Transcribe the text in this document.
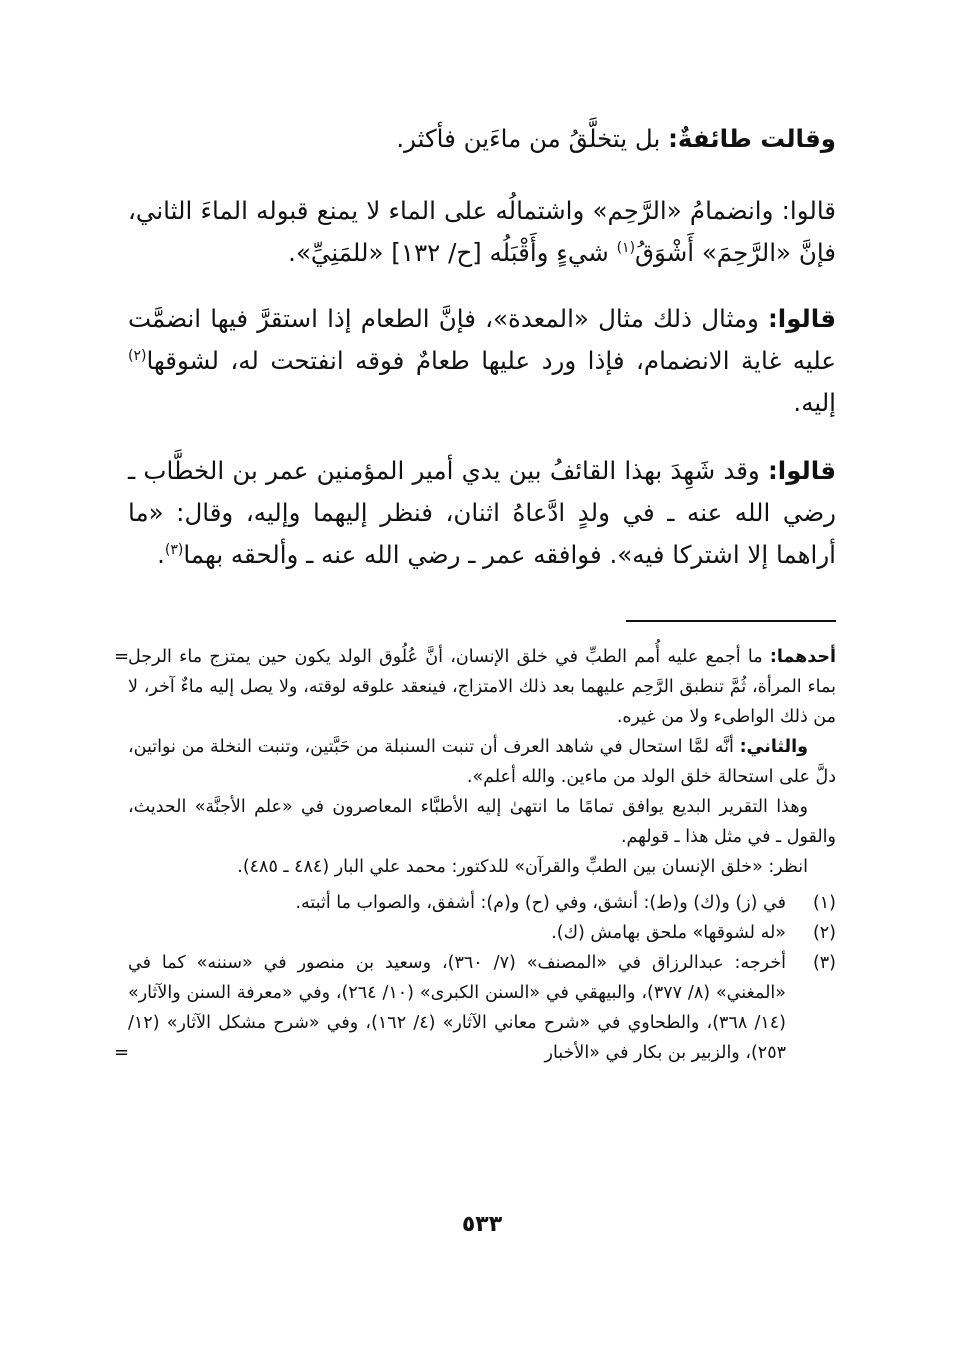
وقالت طائفةٌ: بل يتخلَّقُ من ماءَين فأكثر.

قالوا: وانضمامُ «الرَّحِم» واشتمالُه على الماء لا يمنع قبوله الماءَ الثاني، فإنَّ «الرَّحِمَ» أَشْوَقُ$^{(١)}$ شيءٍ وأَقْبَلُه [ح/ ١٣٢] «للمَنِيِّ».

قالوا: ومثال ذلك مثال «المعدة»، فإنَّ الطعام إذا استقرَّ فيها انضمَّت عليه غاية الانضمام، فإذا ورد عليها طعامٌ فوقه انفتحت له، لشوقها$^{(٢)}$ إليه.

قالوا: وقد شَهِدَ بهذا القائفُ بين يدي أمير المؤمنين عمر بن الخطَّاب ـ رضي الله عنه ـ في ولدٍ ادَّعاهُ اثنان، فنظر إليهما وإليه، وقال: «ما أراهما إلا اشتركا فيه». فوافقه عمر ـ رضي الله عنه ـ وألحقه بهما$^{(٣)}$.

=	أحدهما: ما أجمع عليه أُمم الطبِّ في خلق الإنسان، أنَّ عُلُوق الولد يكون حين يمتزج ماء الرجل بماء المرأة، ثُمَّ تنطبق الرَّحِم عليهما بعد ذلك الامتزاج، فينعقد علوقه لوقته، ولا يصل إليه ماءٌ آخر، لا من ذلك الواطىء ولا من غيره.

والثاني: أنَّه لمَّا استحال في شاهد العرف أن تنبت السنبلة من حَبَّتين، وتنبت النخلة من نواتين، دلَّ على استحالة خلق الولد من ماءين. والله أعلم».

وهذا التقرير البديع يوافق تمامًا ما انتهىٰ إليه الأطبَّاء المعاصرون في «علم الأجنَّة» الحديث، والقول ـ في مثل هذا ـ قولهم.

انظر: «خلق الإنسان بين الطبِّ والقرآن» للدكتور: محمد علي البار (٤٨٤ ـ ٤٨٥).

(١)
في (ز) و(ك) و(ط): أنشق، وفي (ح) و(م): أشفق، والصواب ما أثبته.
(٢)
«له لشوقها» ملحق بهامش (ك).
(٣)
أخرجه: عبدالرزاق في «المصنف» (٧/ ٣٦٠)، وسعيد بن منصور في «سننه» كما في «المغني» (٨/ ٣٧٧)، والبيهقي في «السنن الكبرى» (١٠/ ٢٦٤)، وفي «معرفة السنن والآثار» (١٤/ ٣٦٨)، والطحاوي في «شرح معاني الآثار» (٤/ ١٦٢)، وفي «شرح مشكل الآثار» (١٢/ ٢٥٣)، والزبير بن بكار في «الأخبار
=
٥٣٣
